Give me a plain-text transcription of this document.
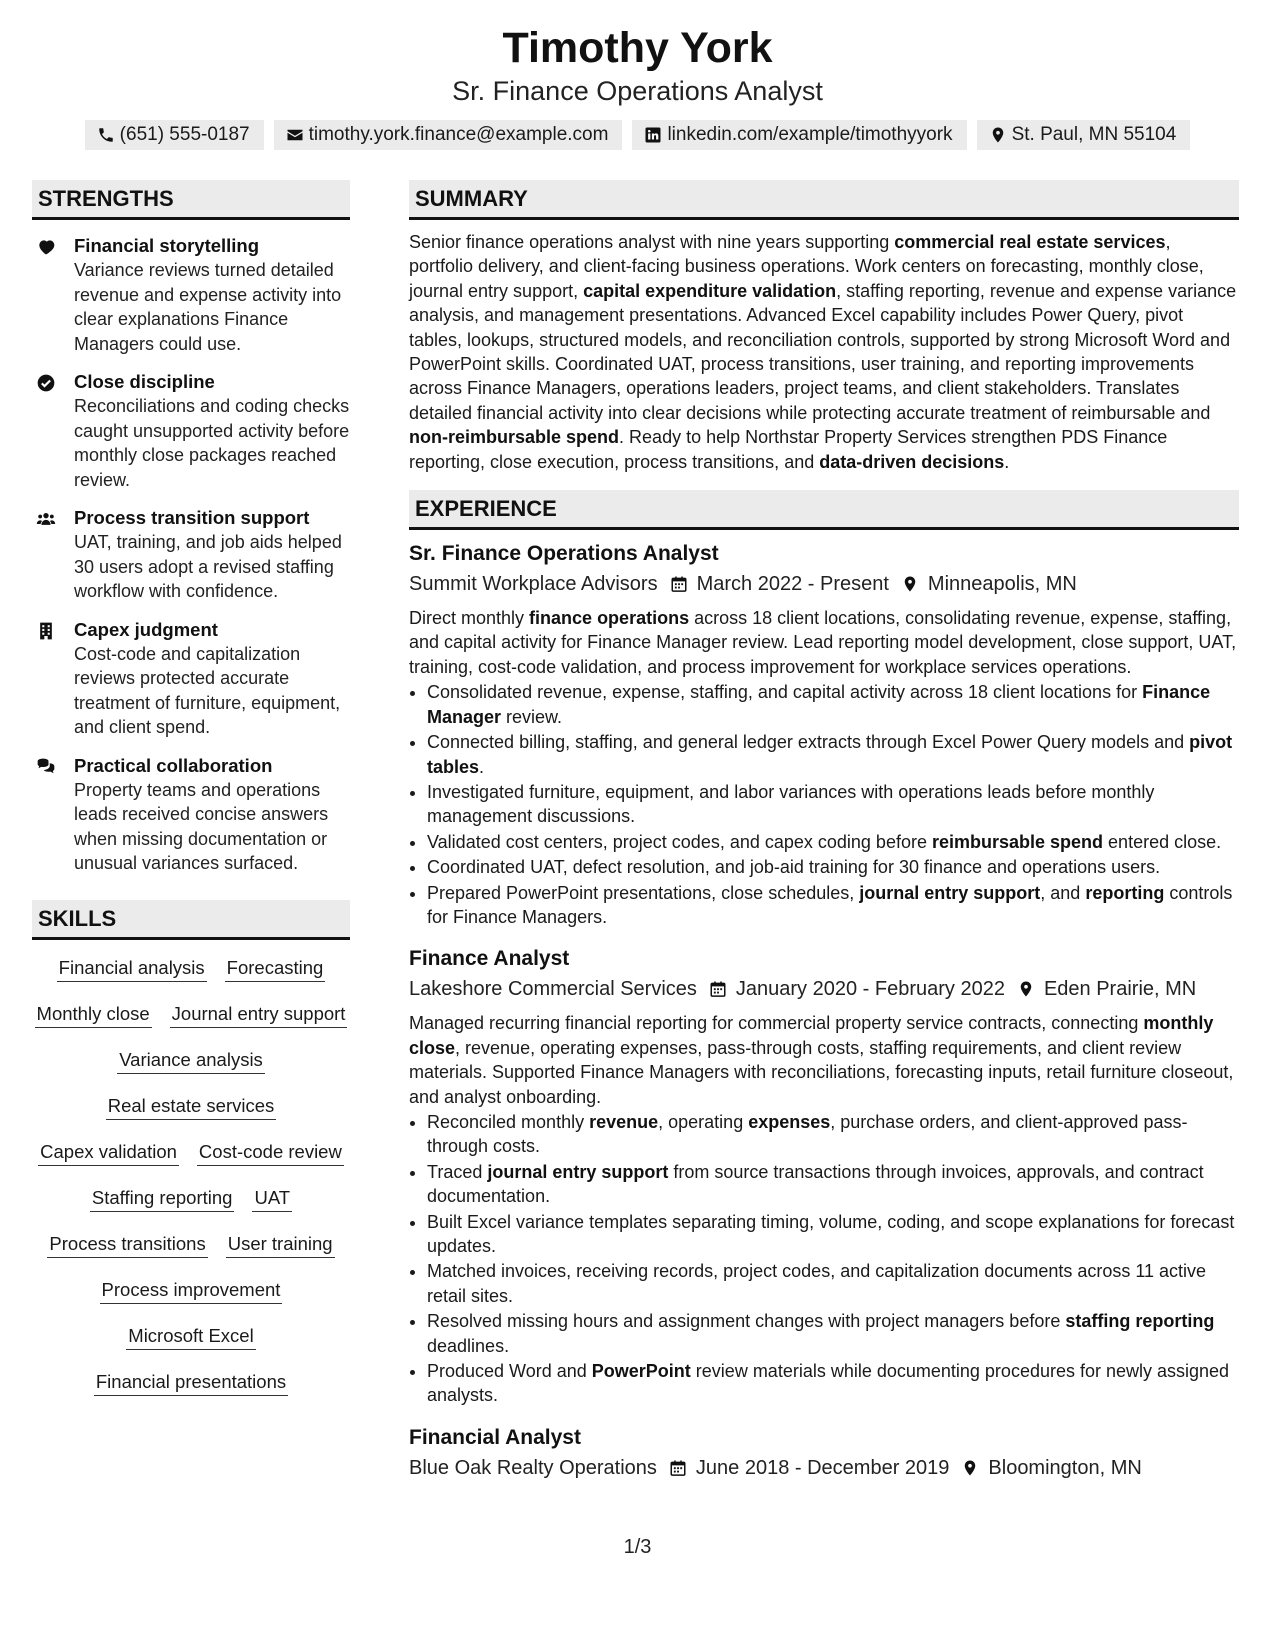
Timothy York
Sr. Finance Operations Analyst
(651) 555-0187	timothy.york.finance@example.com	linkedin.com/example/timothyyork	St. Paul, MN 55104
STRENGTHS
Financial storytelling
Variance reviews turned detailed revenue and expense activity into clear explanations Finance Managers could use.
Close discipline
Reconciliations and coding checks caught unsupported activity before monthly close packages reached review.
Process transition support
UAT, training, and job aids helped 30 users adopt a revised staffing workflow with confidence.
Capex judgment
Cost-code and capitalization reviews protected accurate treatment of furniture, equipment, and client spend.
Practical collaboration
Property teams and operations leads received concise answers when missing documentation or unusual variances surfaced.
SKILLS
Financial analysis Forecasting
Monthly close Journal entry support
Variance analysis
Real estate services
Capex validation Cost-code review
Staffing reporting UAT
Process transitions User training
Process improvement
Microsoft Excel
Financial presentations
SUMMARY
Senior finance operations analyst with nine years supporting commercial real estate services, portfolio delivery, and client-facing business operations. Work centers on forecasting, monthly close, journal entry support, capital expenditure validation, staffing reporting, revenue and expense variance analysis, and management presentations. Advanced Excel capability includes Power Query, pivot tables, lookups, structured models, and reconciliation controls, supported by strong Microsoft Word and PowerPoint skills. Coordinated UAT, process transitions, user training, and reporting improvements across Finance Managers, operations leaders, project teams, and client stakeholders. Translates detailed financial activity into clear decisions while protecting accurate treatment of reimbursable and non-reimbursable spend. Ready to help Northstar Property Services strengthen PDS Finance reporting, close execution, process transitions, and data-driven decisions.
EXPERIENCE
Sr. Finance Operations Analyst
Summit Workplace Advisors March 2022 - Present Minneapolis, MN
Direct monthly finance operations across 18 client locations, consolidating revenue, expense, staffing, and capital activity for Finance Manager review. Lead reporting model development, close support, UAT, training, cost-code validation, and process improvement for workplace services operations.
• Consolidated revenue, expense, staffing, and capital activity across 18 client locations for Finance Manager review.
• Connected billing, staffing, and general ledger extracts through Excel Power Query models and pivot tables.
• Investigated furniture, equipment, and labor variances with operations leads before monthly management discussions.
• Validated cost centers, project codes, and capex coding before reimbursable spend entered close.
• Coordinated UAT, defect resolution, and job-aid training for 30 finance and operations users.
• Prepared PowerPoint presentations, close schedules, journal entry support, and reporting controls for Finance Managers.
Finance Analyst
Lakeshore Commercial Services January 2020 - February 2022 Eden Prairie, MN
Managed recurring financial reporting for commercial property service contracts, connecting monthly close, revenue, operating expenses, pass-through costs, staffing requirements, and client review materials. Supported Finance Managers with reconciliations, forecasting inputs, retail furniture closeout, and analyst onboarding.
• Reconciled monthly revenue, operating expenses, purchase orders, and client-approved pass-through costs.
• Traced journal entry support from source transactions through invoices, approvals, and contract documentation.
• Built Excel variance templates separating timing, volume, coding, and scope explanations for forecast updates.
• Matched invoices, receiving records, project codes, and capitalization documents across 11 active retail sites.
• Resolved missing hours and assignment changes with project managers before staffing reporting deadlines.
• Produced Word and PowerPoint review materials while documenting procedures for newly assigned analysts.
Financial Analyst
Blue Oak Realty Operations June 2018 - December 2019 Bloomington, MN
1/3
